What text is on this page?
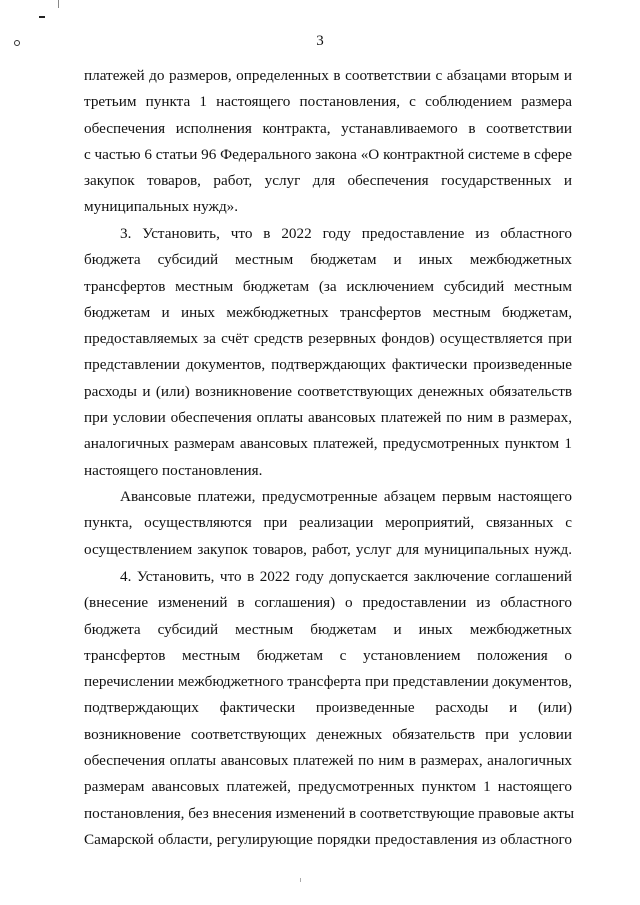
3
платежей до размеров, определенных в соответствии с абзацами вторым и
третьим пункта 1 настоящего постановления, с соблюдением размера
обеспечения исполнения контракта, устанавливаемого в соответствии
с частью 6 статьи 96 Федерального закона «О контрактной системе в сфере
закупок товаров, работ, услуг для обеспечения государственных и
муниципальных нужд».
3. Установить, что в 2022 году предоставление из областного
бюджета субсидий местным бюджетам и иных межбюджетных
трансфертов местным бюджетам (за исключением субсидий местным
бюджетам и иных межбюджетных трансфертов местным бюджетам,
предоставляемых за счёт средств резервных фондов) осуществляется при
представлении документов, подтверждающих фактически произведенные
расходы и (или) возникновение соответствующих денежных обязательств
при условии обеспечения оплаты авансовых платежей по ним в размерах,
аналогичных размерам авансовых платежей, предусмотренных пунктом 1
настоящего постановления.
Авансовые платежи, предусмотренные абзацем первым настоящего
пункта, осуществляются при реализации мероприятий, связанных с
осуществлением закупок товаров, работ, услуг для муниципальных нужд.
4. Установить, что в 2022 году допускается заключение соглашений
(внесение изменений в соглашения) о предоставлении из областного
бюджета субсидий местным бюджетам и иных межбюджетных
трансфертов местным бюджетам с установлением положения о
перечислении межбюджетного трансферта при представлении документов,
подтверждающих фактически произведенные расходы и (или)
возникновение соответствующих денежных обязательств при условии
обеспечения оплаты авансовых платежей по ним в размерах, аналогичных
размерам авансовых платежей, предусмотренных пунктом 1 настоящего
постановления, без внесения изменений в соответствующие правовые акты
Самарской области, регулирующие порядки предоставления из областного
